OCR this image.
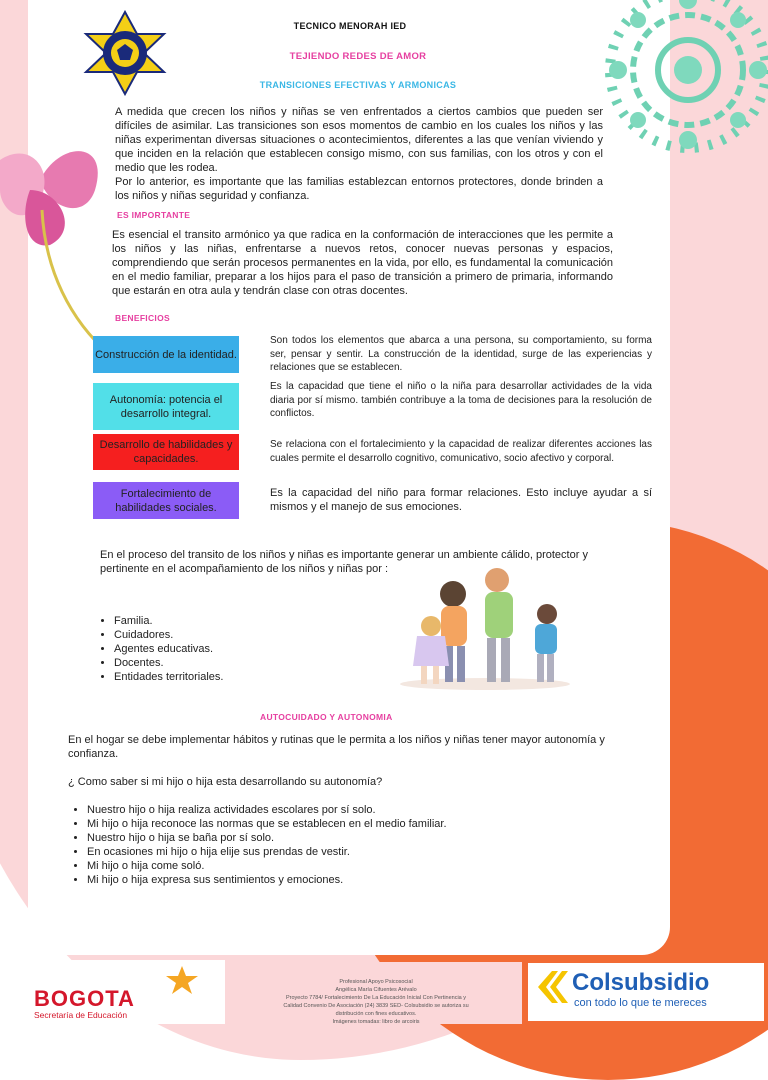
TECNICO MENORAH IED
TEJIENDO REDES DE AMOR
TRANSICIONES EFECTIVAS Y ARMONICAS
A medida que crecen los niños y niñas se ven enfrentados a ciertos cambios que pueden ser difíciles de asimilar. Las transiciones son esos momentos de cambio en los cuales los niños y las niñas experimentan diversas situaciones o acontecimientos, diferentes a las que venían viviendo y que inciden en la relación que establecen consigo mismo, con sus familias, con los otros y con el medio que les rodea.
Por lo anterior, es importante que las familias establezcan entornos protectores, donde brinden a los niños y niñas seguridad y confianza.
ES IMPORTANTE
Es esencial el transito armónico ya que radica en la conformación de interacciones que les permite a los niños y las niñas, enfrentarse a nuevos retos, conocer nuevas personas y espacios, comprendiendo que serán procesos permanentes en la vida, por ello, es fundamental la comunicación en el medio familiar, preparar a los hijos para el paso de transición a primero de primaria, informando que estarán en otra aula y tendrán clase con otras docentes.
BENEFICIOS
Construcción de la identidad.
Son todos los elementos que abarca a una persona, su comportamiento, su forma ser, pensar y sentir. La construcción de la identidad, surge de las experiencias y relaciones que se establecen.
Autonomía: potencia el desarrollo integral.
Es la capacidad que tiene el niño o la niña para desarrollar actividades de la vida diaria por sí mismo. también contribuye a la toma de decisiones para la resolución de conflictos.
Desarrollo de habilidades y capacidades.
Se relaciona con el fortalecimiento y la capacidad de realizar diferentes acciones las cuales permite el desarrollo cognitivo, comunicativo, socio afectivo y corporal.
Fortalecimiento de habilidades sociales.
Es la capacidad del niño para formar relaciones. Esto incluye ayudar a sí mismos y el manejo de sus emociones.
En el proceso del transito de los niños y niñas es importante generar un ambiente cálido, protector y pertinente en el acompañamiento de los niños y niñas por :
• Familia.
• Cuidadores.
• Agentes educativas.
• Docentes.
• Entidades territoriales.
AUTOCUIDADO Y AUTONOMIA
En el hogar se debe implementar hábitos y rutinas que le permita a los niños y niñas tener mayor autonomía y confianza.
¿ Como saber si mi hijo o hija esta desarrollando su autonomía?
• Nuestro hijo o hija realiza actividades escolares por sí solo.
• Mi hijo o hija reconoce las normas que se establecen en el medio familiar.
• Nuestro hijo o hija se baña por sí solo.
• En ocasiones mi hijo o hija elije sus prendas de vestir.
• Mi hijo o hija come soló.
• Mi hijo o hija expresa sus sentimientos y emociones.
BOGOTA
Secretaría de Educación
Profesional Apoyo Psicosocial
Angélica María Cifuentes Arévalo
Proyecto 7784/ Fortalecimiento De La Educación Inicial Con Pertinencia y
Calidad Convenio De Asociación (24) 3839 SED- Colsubsidio se autoriza su
distribución con fines educativos.
Imágenes tomadas: libro de arcoiris
Colsubsidio
con todo lo que te mereces
